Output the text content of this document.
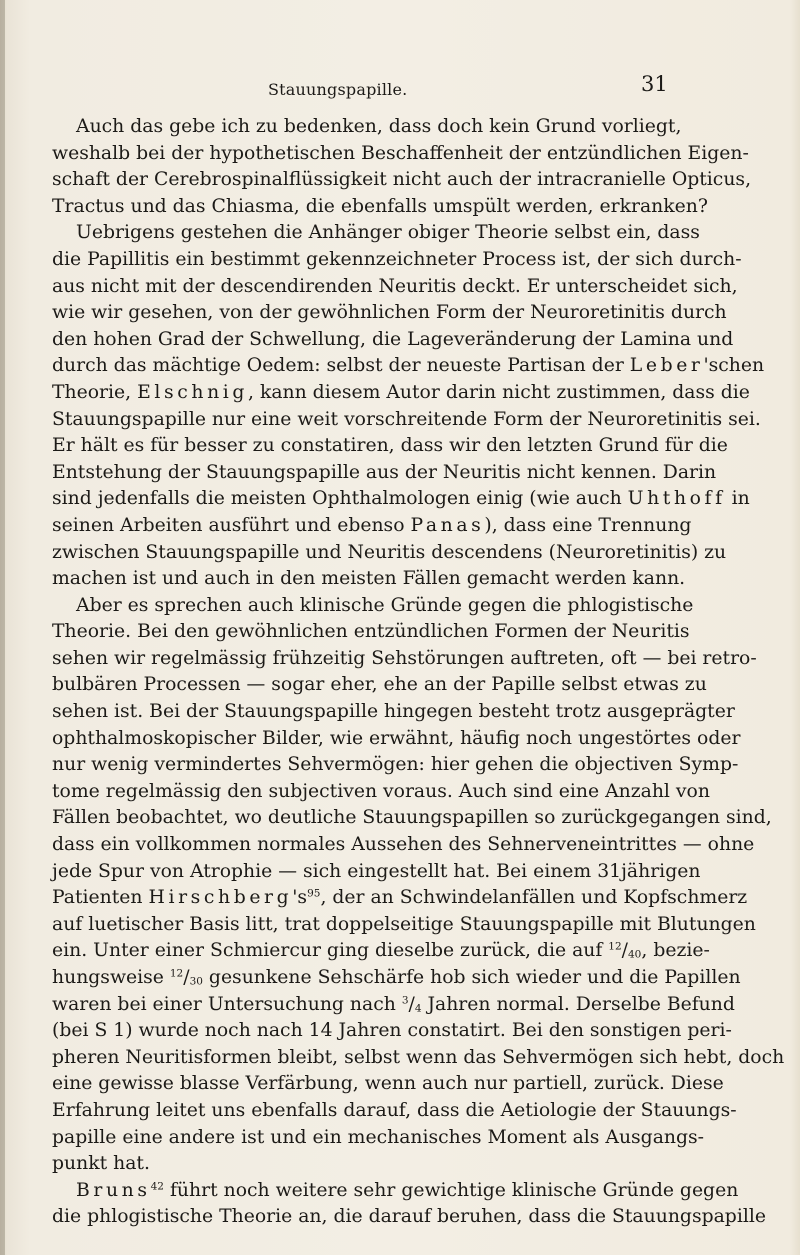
Stauungspapille.	31
Auch das gebe ich zu bedenken, dass doch kein Grund vorliegt,
weshalb bei der hypothetischen Beschaffenheit der entzündlichen Eigen-
schaft der Cerebrospinalflüssigkeit nicht auch der intracranielle Opticus,
Tractus und das Chiasma, die ebenfalls umspült werden, erkranken?
Uebrigens gestehen die Anhänger obiger Theorie selbst ein, dass
die Papillitis ein bestimmt gekennzeichneter Process ist, der sich durch-
aus nicht mit der descendirenden Neuritis deckt. Er unterscheidet sich,
wie wir gesehen, von der gewöhnlichen Form der Neuroretinitis durch
den hohen Grad der Schwellung, die Lageveränderung der Lamina und
durch das mächtige Oedem: selbst der neueste Partisan der Leber'schen
Theorie, Elschnig, kann diesem Autor darin nicht zustimmen, dass die
Stauungspapille nur eine weit vorschreitende Form der Neuroretinitis sei.
Er hält es für besser zu constatiren, dass wir den letzten Grund für die
Entstehung der Stauungspapille aus der Neuritis nicht kennen. Darin
sind jedenfalls die meisten Ophthalmologen einig (wie auch Uhthoff in
seinen Arbeiten ausführt und ebenso Panas), dass eine Trennung
zwischen Stauungspapille und Neuritis descendens (Neuroretinitis) zu
machen ist und auch in den meisten Fällen gemacht werden kann.
Aber es sprechen auch klinische Gründe gegen die phlogistische
Theorie. Bei den gewöhnlichen entzündlichen Formen der Neuritis
sehen wir regelmässig frühzeitig Sehstörungen auftreten, oft — bei retro-
bulbären Processen — sogar eher, ehe an der Papille selbst etwas zu
sehen ist. Bei der Stauungspapille hingegen besteht trotz ausgeprägter
ophthalmoskopischer Bilder, wie erwähnt, häufig noch ungestörtes oder
nur wenig vermindertes Sehvermögen: hier gehen die objectiven Symp-
tome regelmässig den subjectiven voraus. Auch sind eine Anzahl von
Fällen beobachtet, wo deutliche Stauungspapillen so zurückgegangen sind,
dass ein vollkommen normales Aussehen des Sehnerveneintrittes — ohne
jede Spur von Atrophie — sich eingestellt hat. Bei einem 31jährigen
Patienten $Hirschberg's^{95}$, der an Schwindelanfällen und Kopfschmerz
auf luetischer Basis litt, trat doppelseitige Stauungspapille mit Blutungen
ein. Unter einer Schmiercur ging dieselbe zurück, die auf $^{12}/_{40}$, bezie-
hungsweise $^{12}/_{30}$ gesunkene Sehschärfe hob sich wieder und die Papillen
waren bei einer Untersuchung nach $^3/_4$ Jahren normal. Derselbe Befund
(bei S 1) wurde noch nach 14 Jahren constatirt. Bei den sonstigen peri-
pheren Neuritisformen bleibt, selbst wenn das Sehvermögen sich hebt, doch
eine gewisse blasse Verfärbung, wenn auch nur partiell, zurück. Diese
Erfahrung leitet uns ebenfalls darauf, dass die Aetiologie der Stauungs-
papille eine andere ist und ein mechanisches Moment als Ausgangs-
punkt hat.
Bruns$^{42}$ führt noch weitere sehr gewichtige klinische Gründe gegen
die phlogistische Theorie an, die darauf beruhen, dass die Stauungspapille
